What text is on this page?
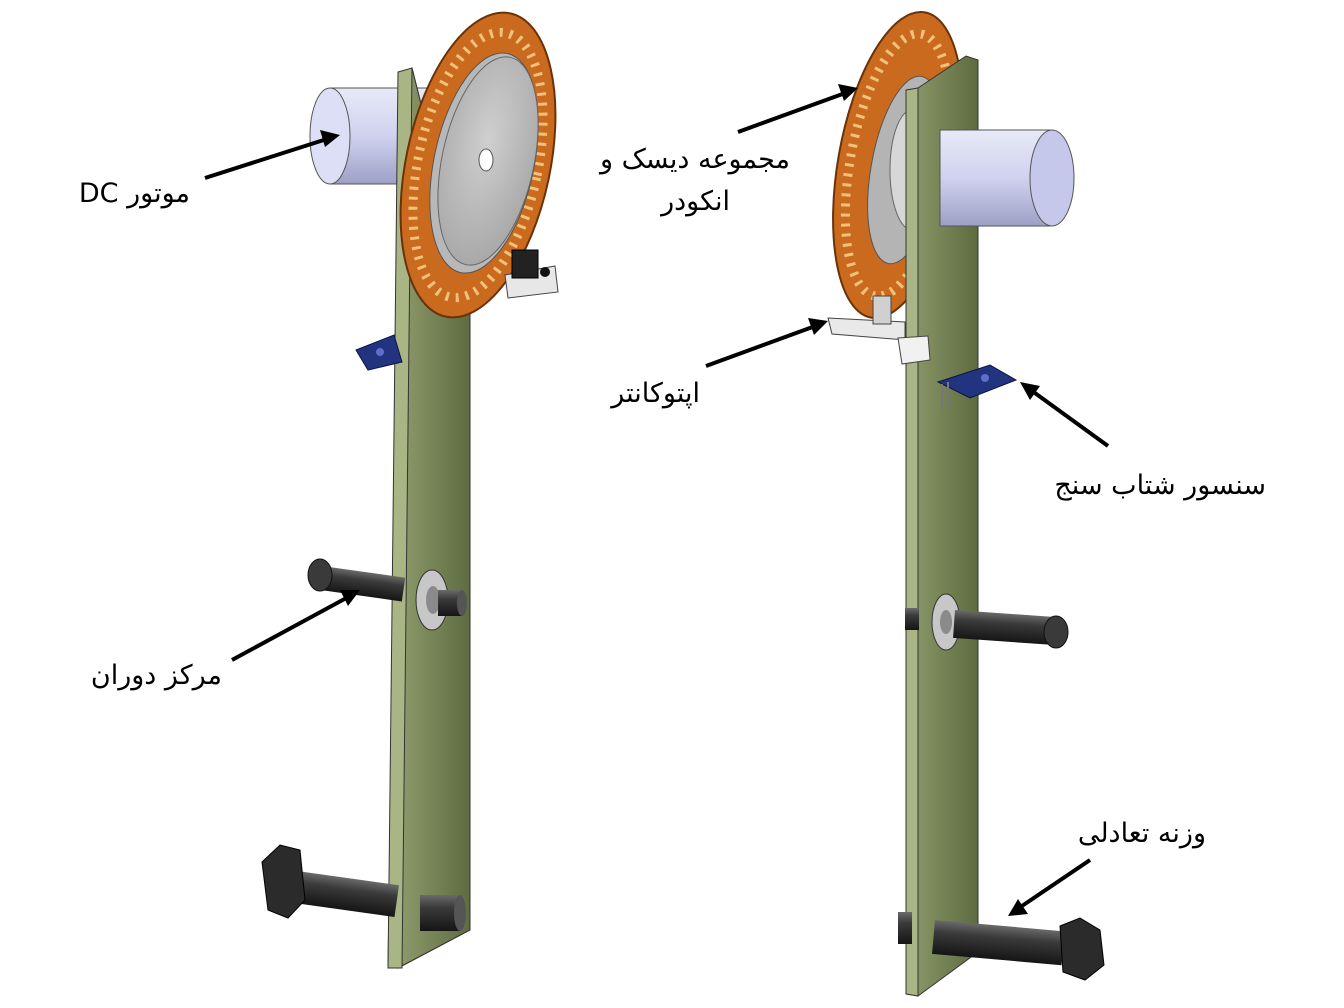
موتور DC
مجموعه دیسک و
انکودر
اپتوکانتر
سنسور شتاب سنج
مرکز دوران
وزنه تعادلی
